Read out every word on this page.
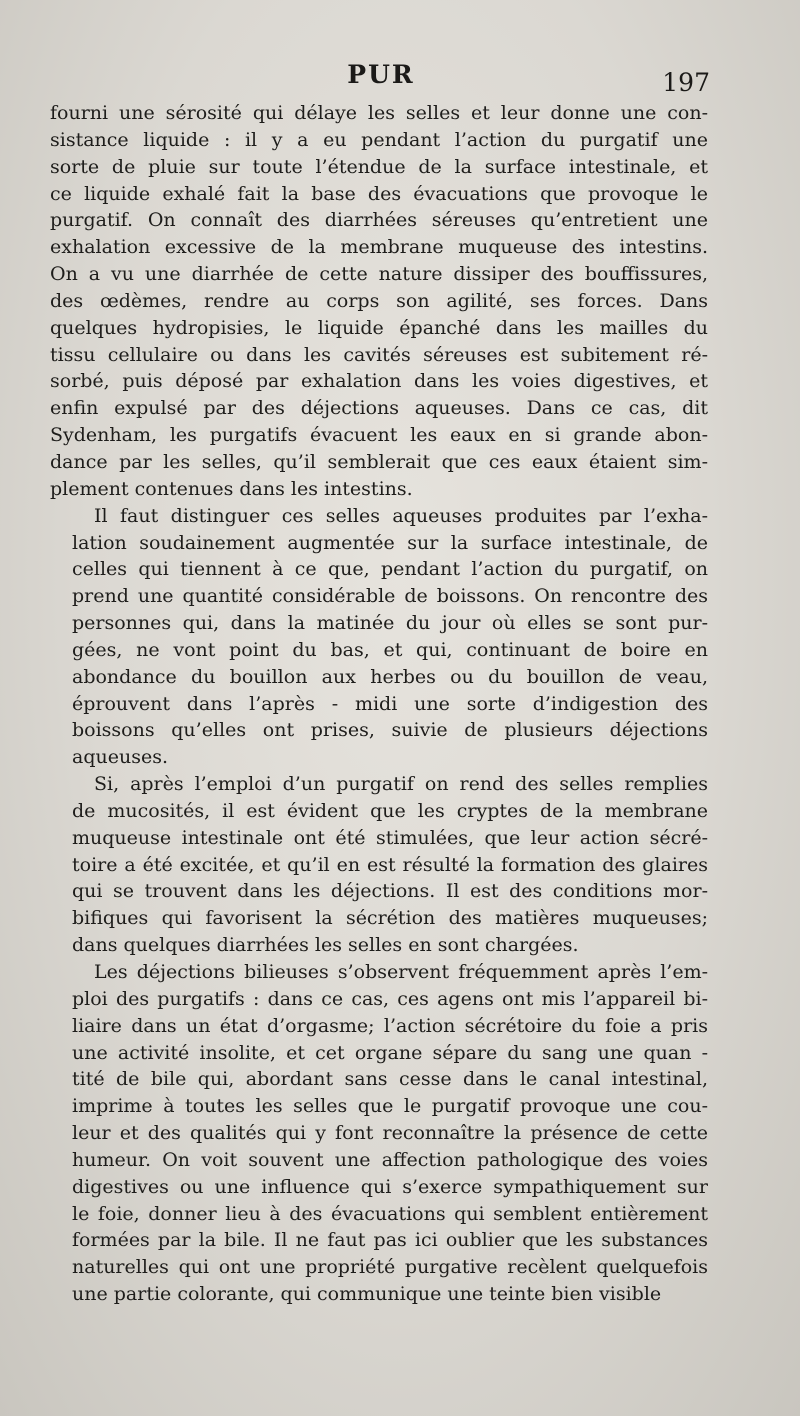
PUR	197
fourni une sérosité qui délaye les selles et leur donne une con-
sistance liquide : il y a eu pendant l’action du purgatif une
sorte de pluie sur toute l’étendue de la surface intestinale, et
ce liquide exhalé fait la base des évacuations que provoque le
purgatif. On connaît des diarrhées séreuses qu’entretient une
exhalation excessive de la membrane muqueuse des intestins.
On a vu une diarrhée de cette nature dissiper des bouffissures,
des œdèmes, rendre au corps son agilité, ses forces. Dans
quelques hydropisies, le liquide épanché dans les mailles du
tissu cellulaire ou dans les cavités séreuses est subitement ré-
sorbé, puis déposé par exhalation dans les voies digestives, et
enfin expulsé par des déjections aqueuses. Dans ce cas, dit
Sydenham, les purgatifs évacuent les eaux en si grande abon-
dance par les selles, qu’il semblerait que ces eaux étaient sim-
plement contenues dans les intestins.
Il faut distinguer ces selles aqueuses produites par l’exha-
lation soudainement augmentée sur la surface intestinale, de
celles qui tiennent à ce que, pendant l’action du purgatif, on
prend une quantité considérable de boissons. On rencontre des
personnes qui, dans la matinée du jour où elles se sont pur-
gées, ne vont point du bas, et qui, continuant de boire en
abondance du bouillon aux herbes ou du bouillon de veau,
éprouvent dans l’après - midi une sorte d’indigestion des
boissons qu’elles ont prises, suivie de plusieurs déjections
aqueuses.
Si, après l’emploi d’un purgatif on rend des selles remplies
de mucosités, il est évident que les cryptes de la membrane
muqueuse intestinale ont été stimulées, que leur action sécré-
toire a été excitée, et qu’il en est résulté la formation des glaires
qui se trouvent dans les déjections. Il est des conditions mor-
bifiques qui favorisent la sécrétion des matières muqueuses;
dans quelques diarrhées les selles en sont chargées.
Les déjections bilieuses s’observent fréquemment après l’em-
ploi des purgatifs : dans ce cas, ces agens ont mis l’appareil bi-
liaire dans un état d’orgasme; l’action sécrétoire du foie a pris
une activité insolite, et cet organe sépare du sang une quan -
tité de bile qui, abordant sans cesse dans le canal intestinal,
imprime à toutes les selles que le purgatif provoque une cou-
leur et des qualités qui y font reconnaître la présence de cette
humeur. On voit souvent une affection pathologique des voies
digestives ou une influence qui s’exerce sympathiquement sur
le foie, donner lieu à des évacuations qui semblent entièrement
formées par la bile. Il ne faut pas ici oublier que les substances
naturelles qui ont une propriété purgative recèlent quelquefois
une partie colorante, qui communique une teinte bien visible
